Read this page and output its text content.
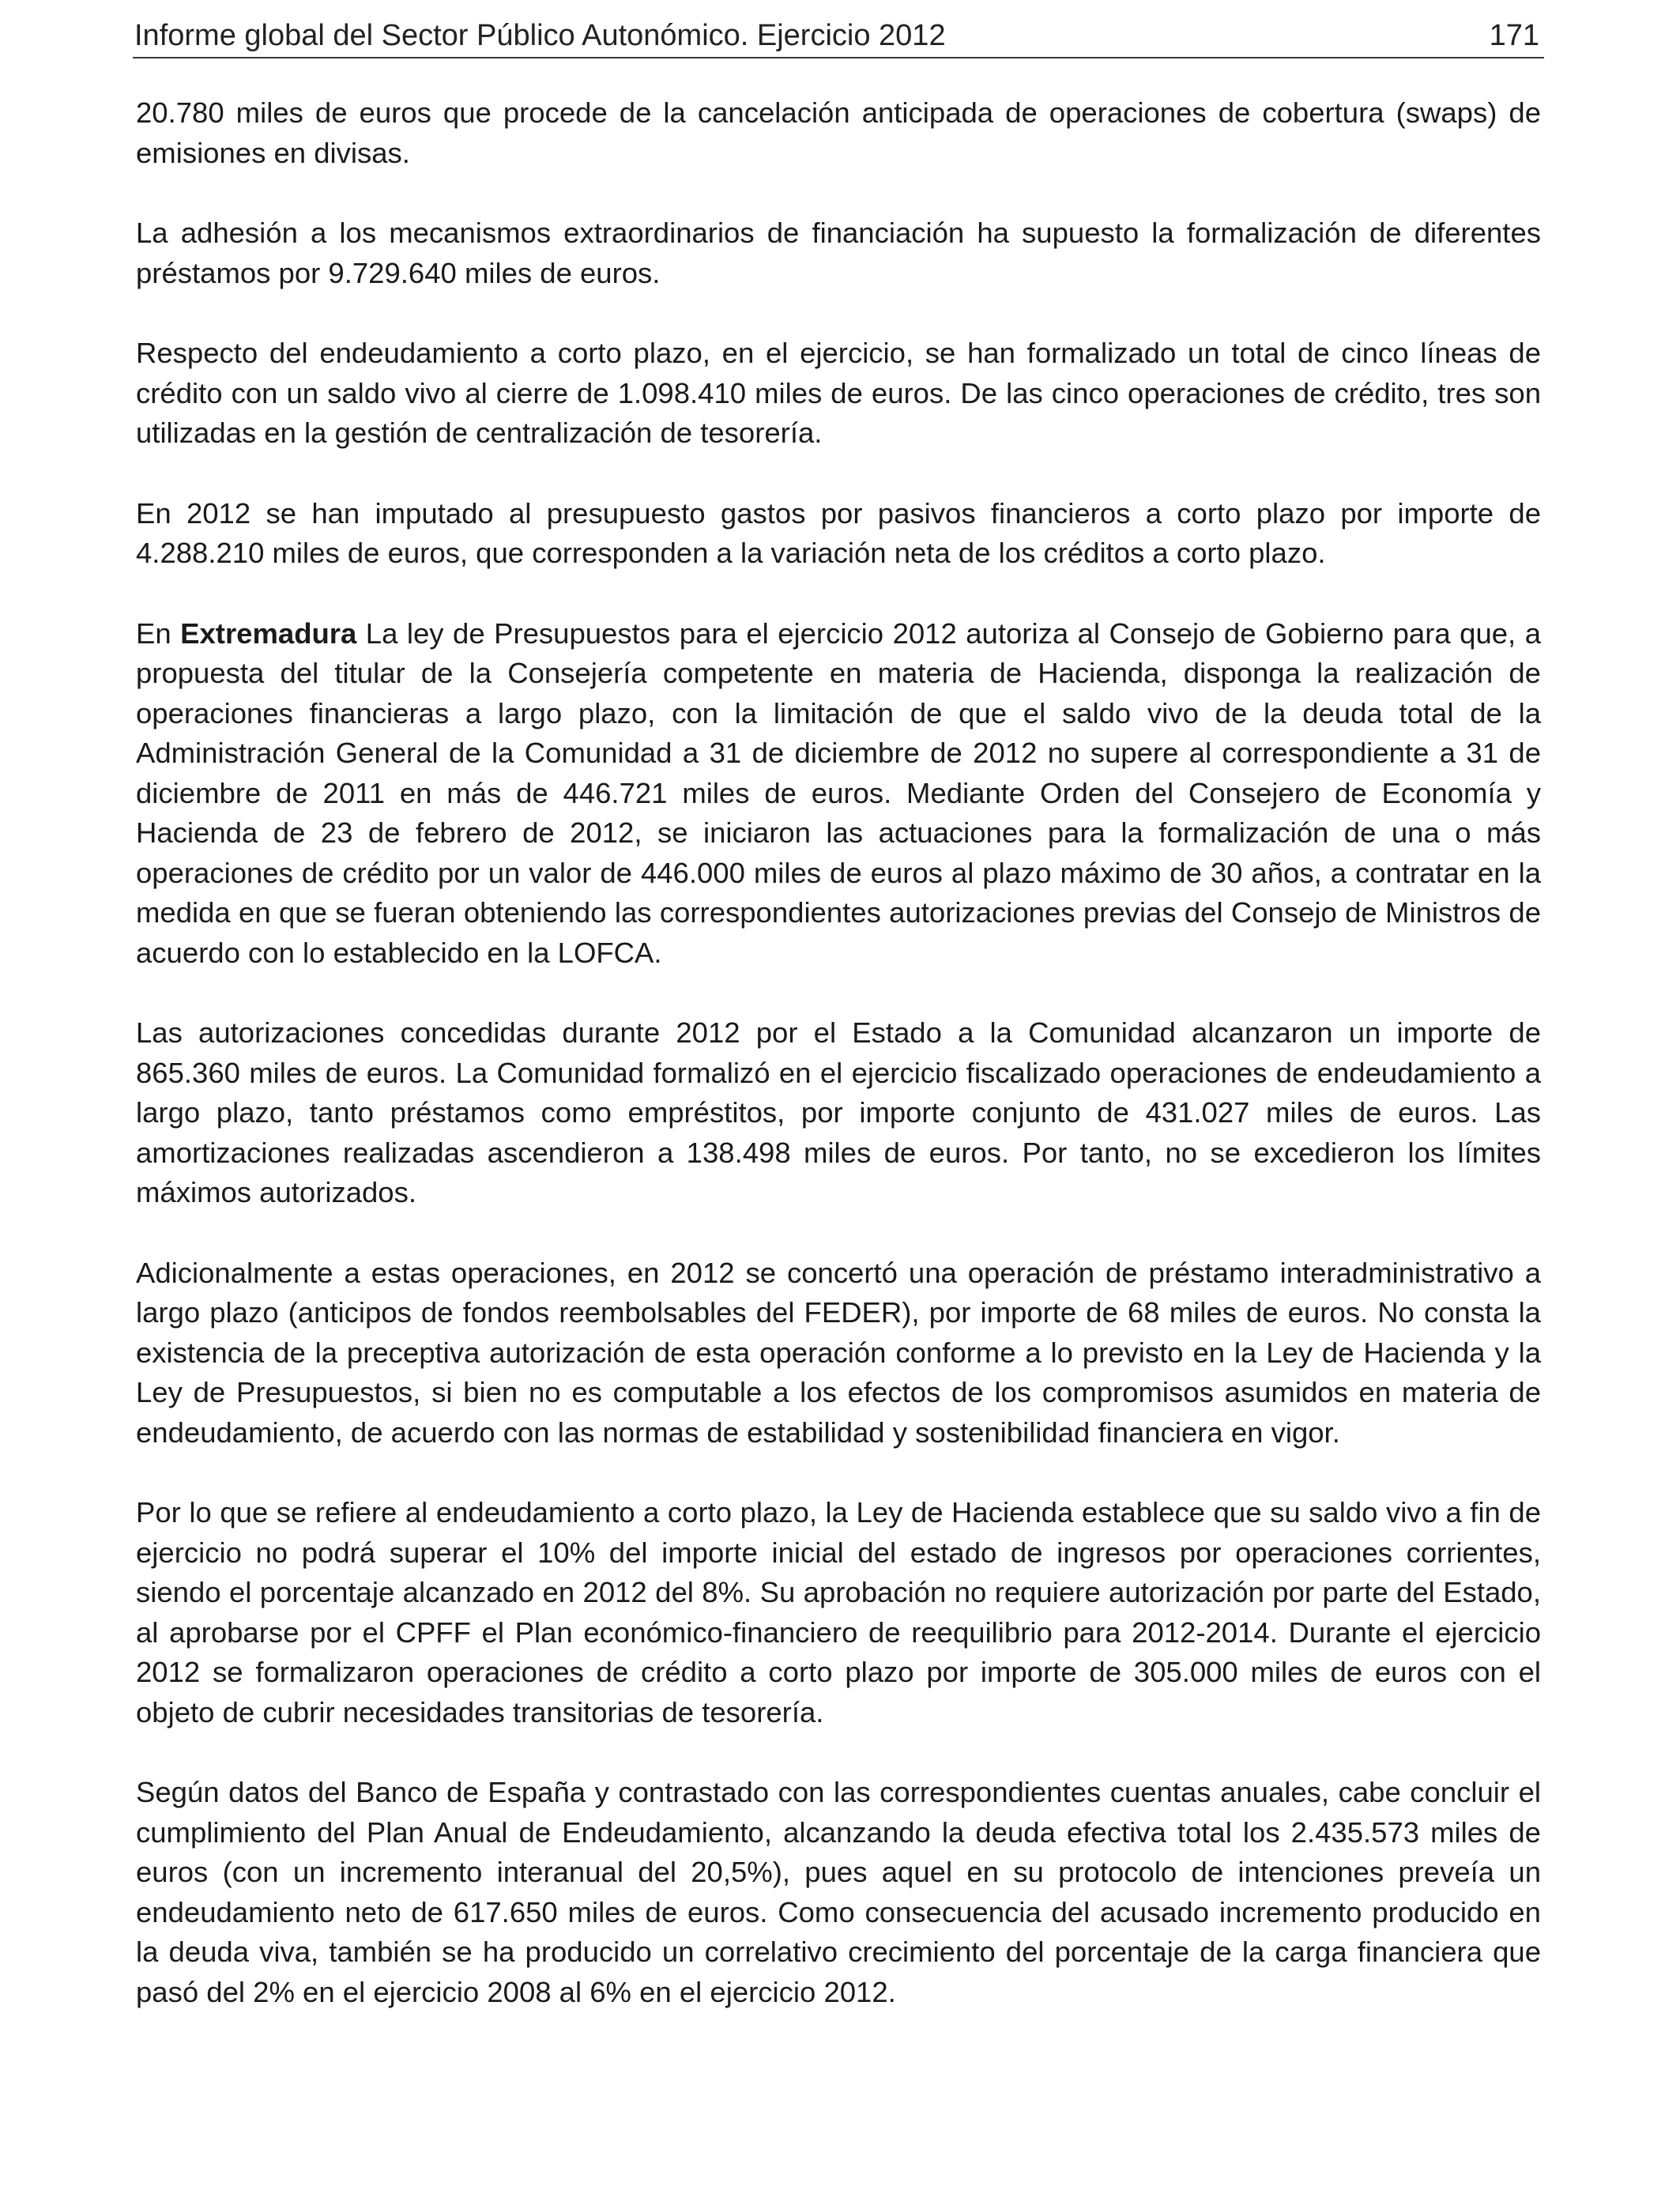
Informe global del Sector Público Autonómico. Ejercicio 2012	171

20.780 miles de euros que procede de la cancelación anticipada de operaciones de cobertura (swaps) de emisiones en divisas.

La adhesión a los mecanismos extraordinarios de financiación ha supuesto la formalización de diferentes préstamos por 9.729.640 miles de euros.

Respecto del endeudamiento a corto plazo, en el ejercicio, se han formalizado un total de cinco líneas de crédito con un saldo vivo al cierre de 1.098.410 miles de euros. De las cinco operaciones de crédito, tres son utilizadas en la gestión de centralización de tesorería.

En 2012 se han imputado al presupuesto gastos por pasivos financieros a corto plazo por importe de 4.288.210 miles de euros, que corresponden a la variación neta de los créditos a corto plazo.

En Extremadura La ley de Presupuestos para el ejercicio 2012 autoriza al Consejo de Gobierno para que, a propuesta del titular de la Consejería competente en materia de Hacienda, disponga la realización de operaciones financieras a largo plazo, con la limitación de que el saldo vivo de la deuda total de la Administración General de la Comunidad a 31 de diciembre de 2012 no supere al correspondiente a 31 de diciembre de 2011 en más de 446.721 miles de euros. Mediante Orden del Consejero de Economía y Hacienda de 23 de febrero de 2012, se iniciaron las actuaciones para la formalización de una o más operaciones de crédito por un valor de 446.000 miles de euros al plazo máximo de 30 años, a contratar en la medida en que se fueran obteniendo las correspondientes autorizaciones previas del Consejo de Ministros de acuerdo con lo establecido en la LOFCA.

Las autorizaciones concedidas durante 2012 por el Estado a la Comunidad alcanzaron un importe de 865.360 miles de euros. La Comunidad formalizó en el ejercicio fiscalizado operaciones de endeudamiento a largo plazo, tanto préstamos como empréstitos, por importe conjunto de 431.027 miles de euros. Las amortizaciones realizadas ascendieron a 138.498 miles de euros. Por tanto, no se excedieron los límites máximos autorizados.

Adicionalmente a estas operaciones, en 2012 se concertó una operación de préstamo interadministrativo a largo plazo (anticipos de fondos reembolsables del FEDER), por importe de 68 miles de euros. No consta la existencia de la preceptiva autorización de esta operación conforme a lo previsto en la Ley de Hacienda y la Ley de Presupuestos, si bien no es computable a los efectos de los compromisos asumidos en materia de endeudamiento, de acuerdo con las normas de estabilidad y sostenibilidad financiera en vigor.

Por lo que se refiere al endeudamiento a corto plazo, la Ley de Hacienda establece que su saldo vivo a fin de ejercicio no podrá superar el 10% del importe inicial del estado de ingresos por operaciones corrientes, siendo el porcentaje alcanzado en 2012 del 8%. Su aprobación no requiere autorización por parte del Estado, al aprobarse por el CPFF el Plan económico-financiero de reequilibrio para 2012-2014. Durante el ejercicio 2012 se formalizaron operaciones de crédito a corto plazo por importe de 305.000 miles de euros con el objeto de cubrir necesidades transitorias de tesorería.

Según datos del Banco de España y contrastado con las correspondientes cuentas anuales, cabe concluir el cumplimiento del Plan Anual de Endeudamiento, alcanzando la deuda efectiva total los 2.435.573 miles de euros (con un incremento interanual del 20,5%), pues aquel en su protocolo de intenciones preveía un endeudamiento neto de 617.650 miles de euros. Como consecuencia del acusado incremento producido en la deuda viva, también se ha producido un correlativo crecimiento del porcentaje de la carga financiera que pasó del 2% en el ejercicio 2008 al 6% en el ejercicio 2012.
